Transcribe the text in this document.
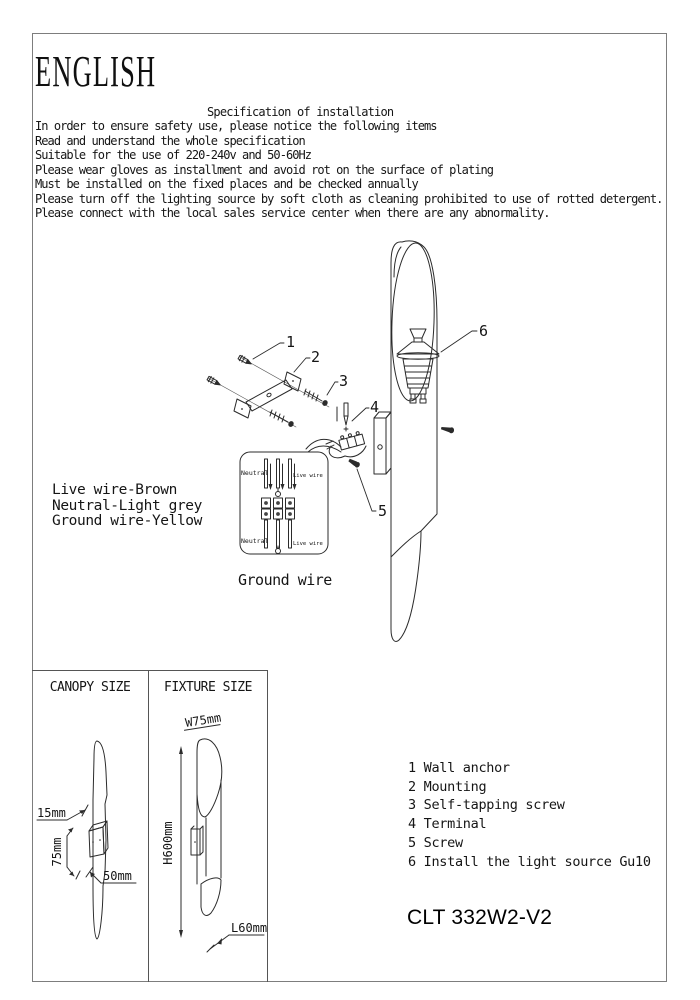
ENGLISH
Specification of installation
In order to ensure safety use, please notice the following items
Read and understand the whole specification
Suitable for the use of 220-240v and 50-60Hz
Please wear gloves as installment and avoid rot on the surface of plating
Must be installed on the fixed places and be checked annually
Please turn off the lighting source by soft cloth as cleaning prohibited to use of rotted detergent.
Please connect with the local sales service center when there are any abnormality.
Live wire-Brown
Neutral-Light grey
Ground wire-Yellow
Ground wire
Neutral	Live wire
Neutral	Live wire
1
2
3
4
5
6
15mm
75mm
50mm
W75mm
H600mm
L60mm
CANOPY SIZE	FIXTURE SIZE
1 Wall anchor
2 Mounting
3 Self-tapping screw
4 Terminal
5 Screw
6 Install the light source Gu10
CLT 332W2-V2
